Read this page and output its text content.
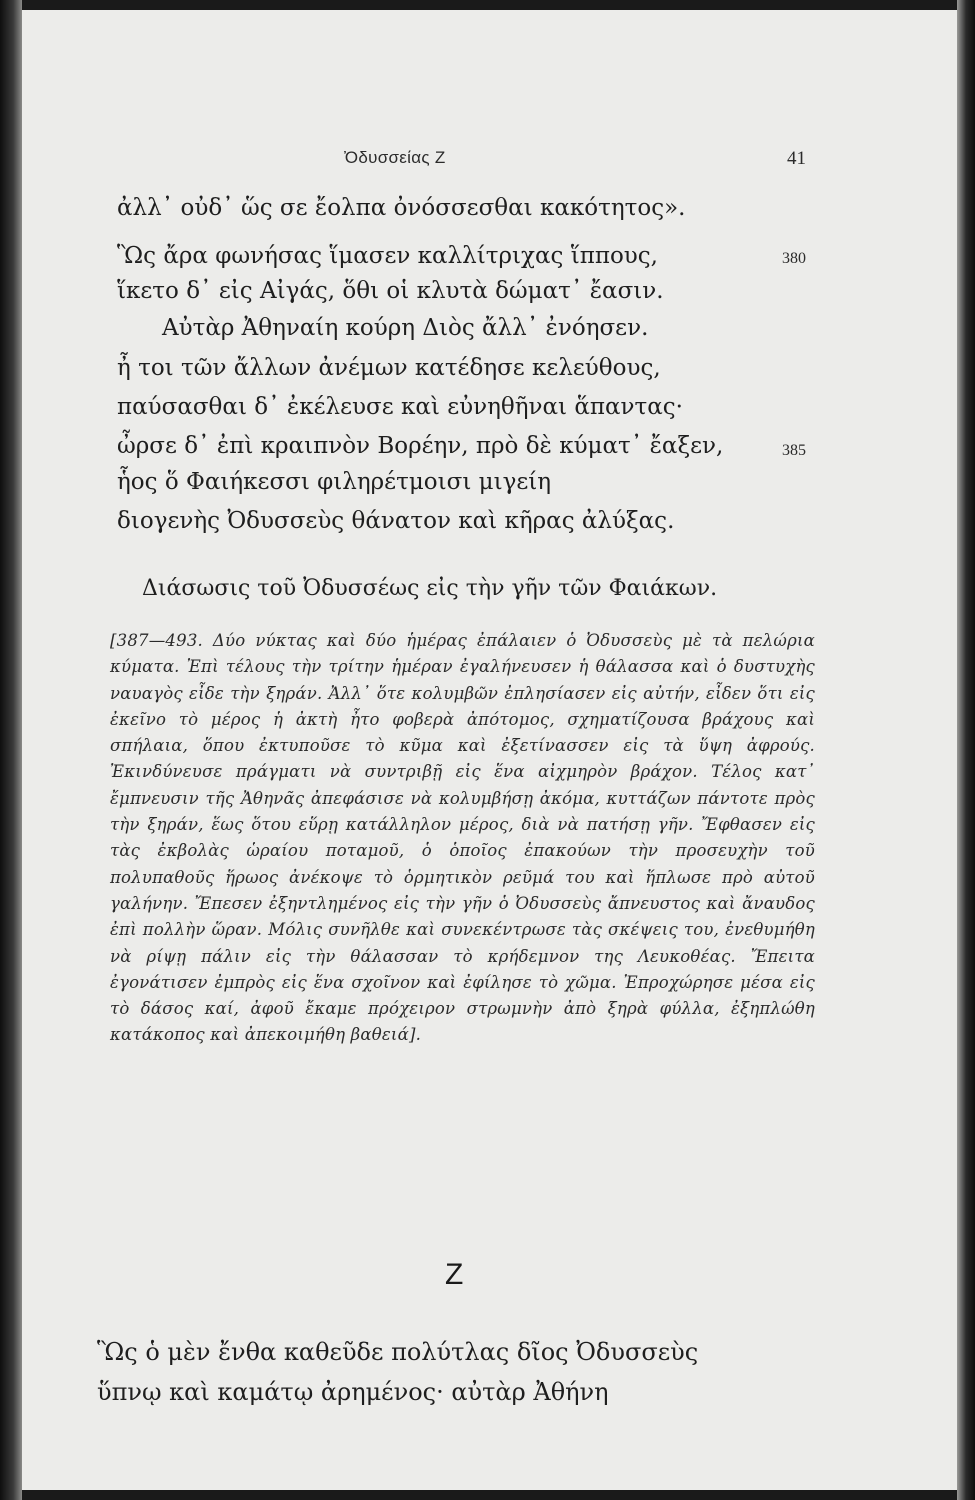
Ὀδυσσείας Ζ	41
ἀλλ᾽ οὐδ᾽ ὥς σε ἔολπα ὀνόσσεσθαι κακότητος».
Ὣς ἄρα φωνήσας ἵμασεν καλλίτριχας ἵππους,	380
ἵκετο δ᾽ εἰς Αἰγάς, ὅθι οἱ κλυτὰ δώματ᾽ ἔασιν.
Αὐτὰρ Ἀθηναίη κούρη Διὸς ἄλλ᾽ ἐνόησεν.
ἦ τοι τῶν ἄλλων ἀνέμων κατέδησε κελεύθους,
παύσασθαι δ᾽ ἐκέλευσε καὶ εὐνηθῆναι ἅπαντας·
ὦρσε δ᾽ ἐπὶ κραιπνὸν Βορέην, πρὸ δὲ κύματ᾽ ἔαξεν,	385
ἧος ὅ Φαιήκεσσι φιληρέτμοισι μιγείη
διογενὴς Ὀδυσσεὺς θάνατον καὶ κῆρας ἀλύξας.
Διάσωσις τοῦ Ὀδυσσέως εἰς τὴν γῆν τῶν Φαιάκων.
[387—493. Δύο νύκτας καὶ δύο ἡμέρας ἐπάλαιεν ὁ Ὀδυσσεὺς μὲ τὰ πελώρια κύματα. Ἐπὶ τέλους τὴν τρίτην ἡμέραν ἐγαλήνευσεν ἡ θάλασσα καὶ ὁ δυστυχὴς ναυαγὸς εἶδε τὴν ξηράν. Ἀλλ᾽ ὅτε κολυμβῶν ἐπλησίασεν εἰς αὐτήν, εἶδεν ὅτι εἰς ἐκεῖνο τὸ μέρος ἡ ἀκτὴ ἦτο φοβερὰ ἀπότομος, σχηματίζουσα βράχους καὶ σπήλαια, ὅπου ἐκτυποῦσε τὸ κῦμα καὶ ἐξετίνασσεν εἰς τὰ ὕψη ἀφρούς. Ἐκινδύνευσε πράγματι νὰ συντριβῇ εἰς ἕνα αἰχμηρὸν βράχον. Τέλος κατ᾽ ἔμπνευσιν τῆς Ἀθηνᾶς ἀπεφάσισε νὰ κολυμβήσῃ ἀκόμα, κυττάζων πάντοτε πρὸς τὴν ξηράν, ἕως ὅτου εὕρῃ κατάλληλον μέρος, διὰ νὰ πατήσῃ γῆν. Ἔφθασεν εἰς τὰς ἐκβολὰς ὡραίου ποταμοῦ, ὁ ὁποῖος ἐπακούων τὴν προσευχὴν τοῦ πολυπαθοῦς ἥρωος ἀνέκοψε τὸ ὁρμητικὸν ρεῦμά του καὶ ἥπλωσε πρὸ αὐτοῦ γαλήνην. Ἔπεσεν ἐξηντλημένος εἰς τὴν γῆν ὁ Ὀδυσσεὺς ἄπνευστος καὶ ἄναυδος ἐπὶ πολλὴν ὥραν. Μόλις συνῆλθε καὶ συνεκέντρωσε τὰς σκέψεις του, ἐνεθυμήθη νὰ ρίψῃ πάλιν εἰς τὴν θάλασσαν τὸ κρήδεμνον της Λευκοθέας. Ἔπειτα ἐγονάτισεν ἐμπρὸς εἰς ἕνα σχοῖνον καὶ ἐφίλησε τὸ χῶμα. Ἐπροχώρησε μέσα εἰς τὸ δάσος καί, ἀφοῦ ἔκαμε πρόχειρον στρωμνὴν ἀπὸ ξηρὰ φύλλα, ἐξηπλώθη κατάκοπος καὶ ἀπεκοιμήθη βαθειά].
Ζ
Ὣς ὁ μὲν ἔνθα καθεῦδε πολύτλας δῖος Ὀδυσσεὺς
ὕπνῳ καὶ καμάτῳ ἀρημένος· αὐτὰρ Ἀθήνη
